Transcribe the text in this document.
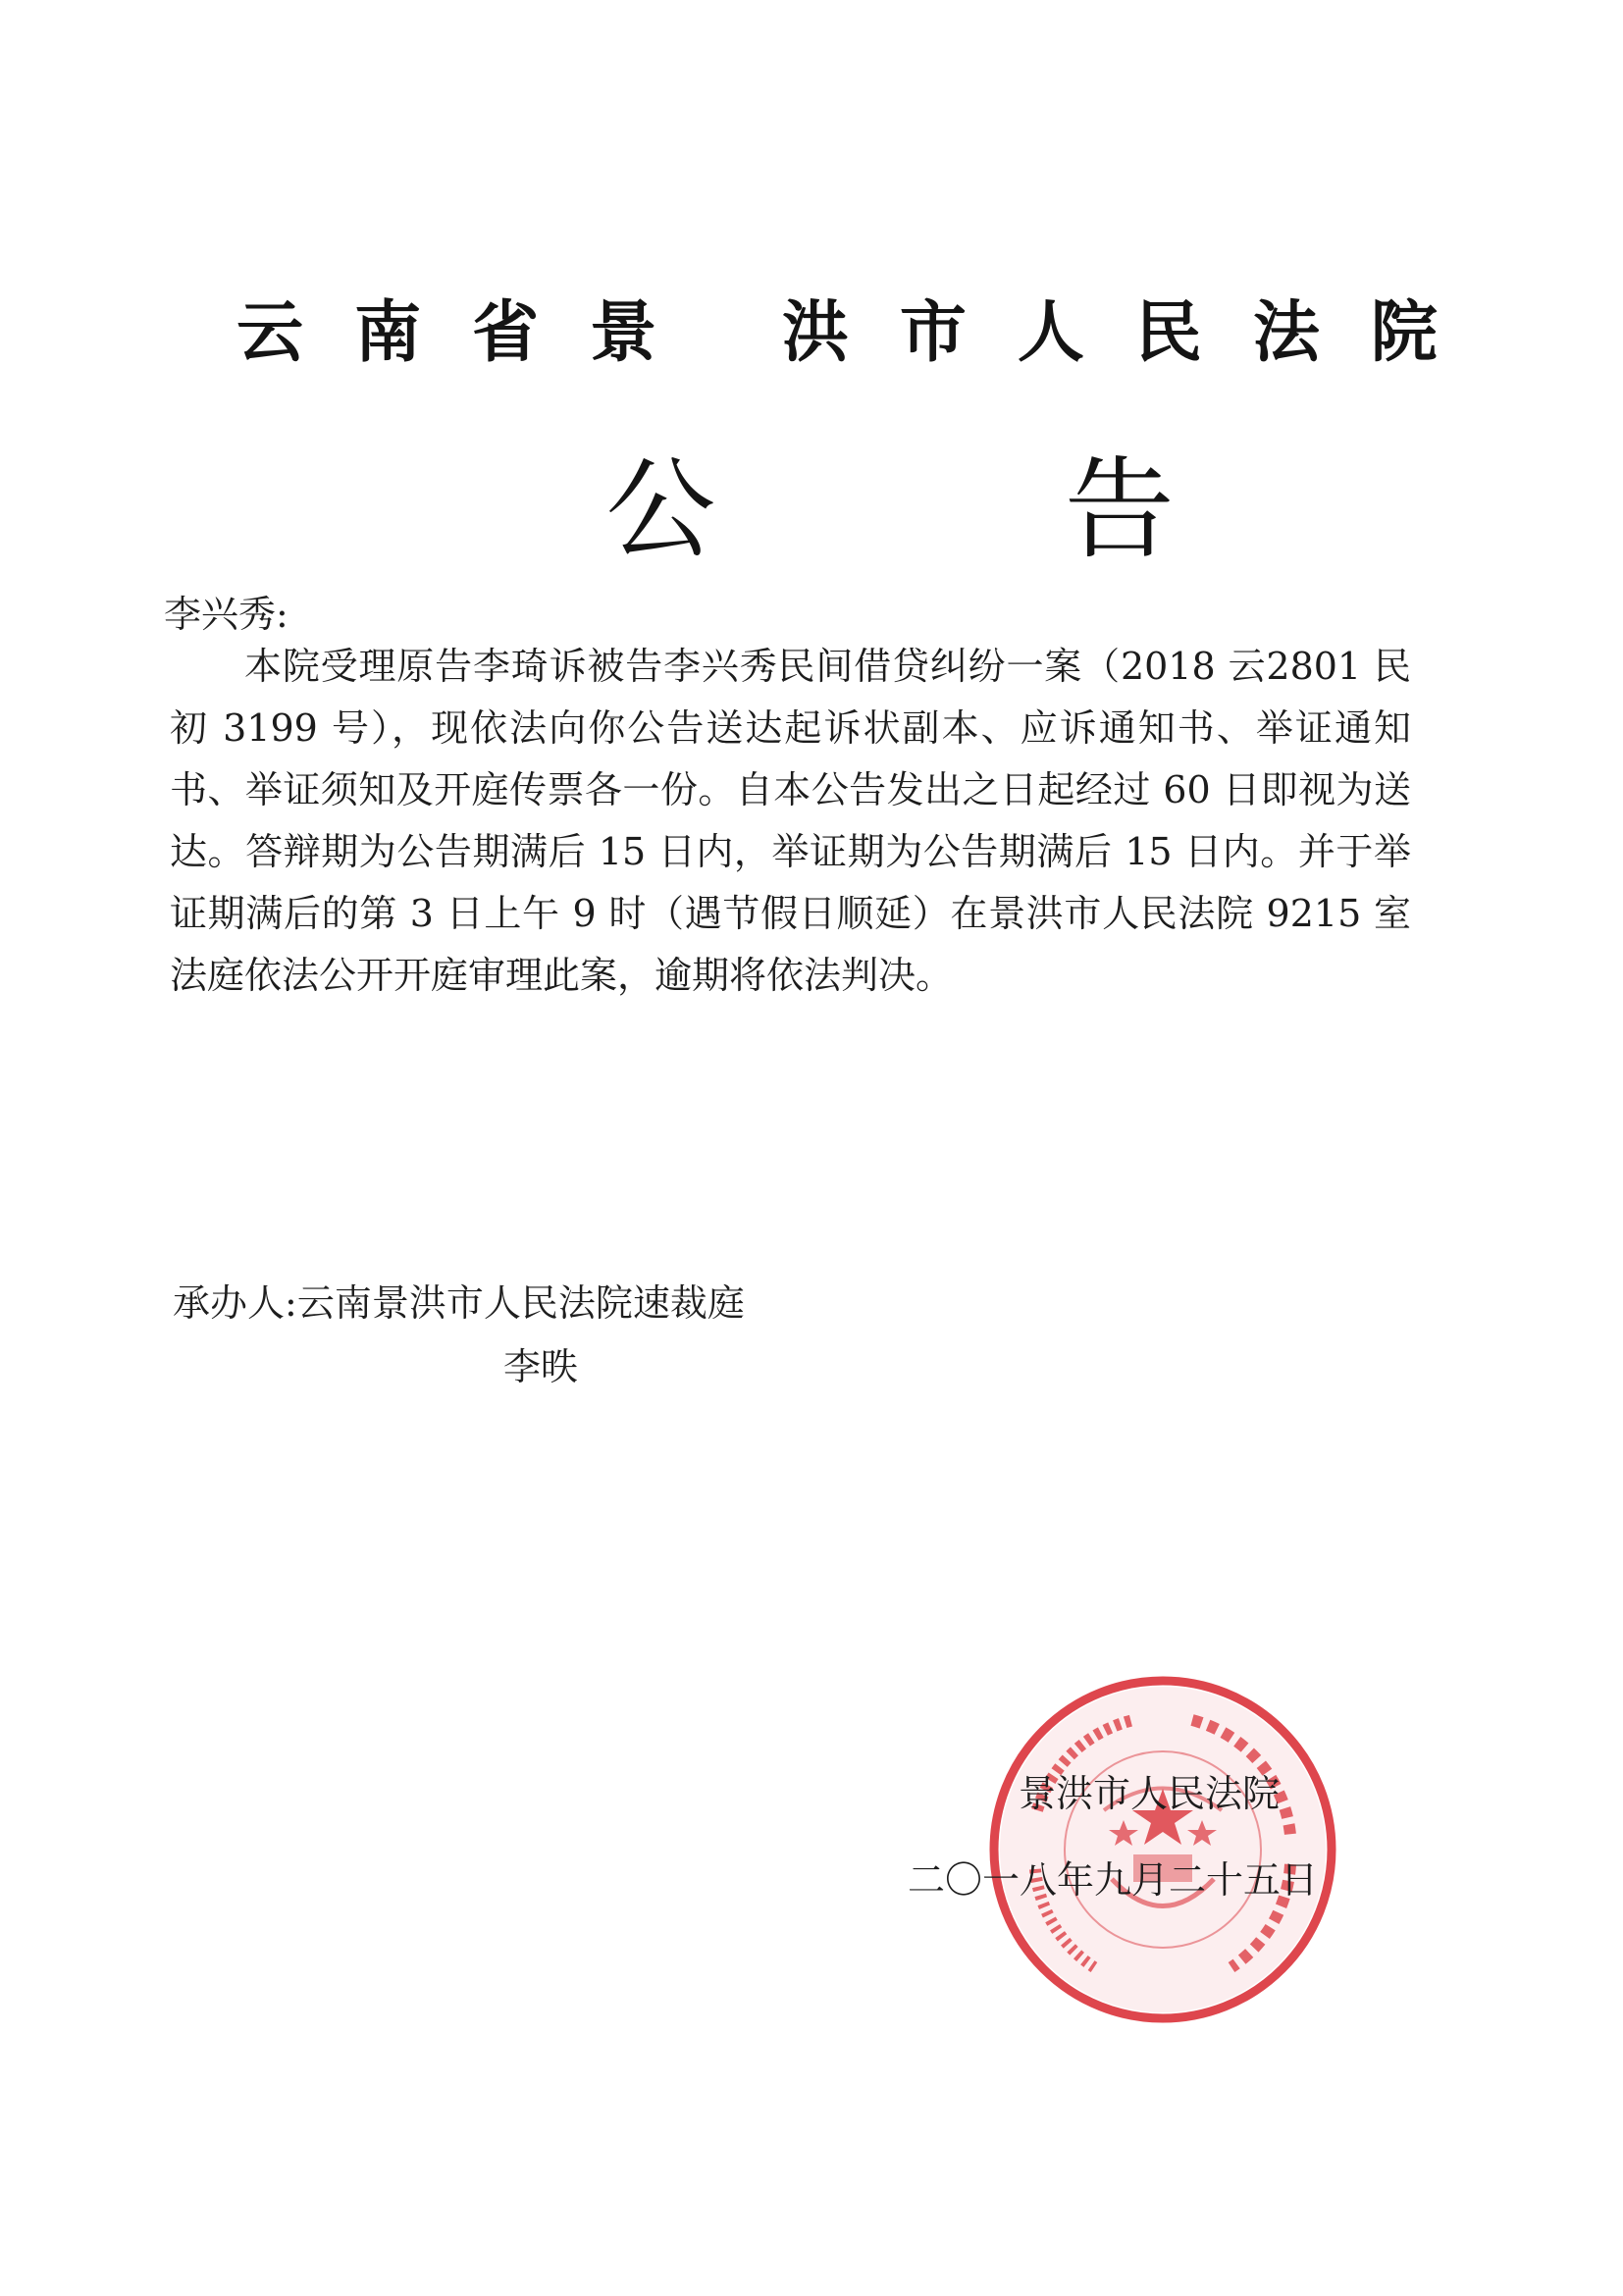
云南省景 洪市人民法院
公 告
李兴秀:

本院受理原告李琦诉被告李兴秀民间借贷纠纷一案（2018 云2801 民初 3199 号），现依法向你公告送达起诉状副本、应诉通知书、举证通知书、举证须知及开庭传票各一份。自本公告发出之日起经过 60 日即视为送达。答辩期为公告期满后 15 日内，举证期为公告期满后 15 日内。并于举证期满后的第 3 日上午 9 时（遇节假日顺延）在景洪市人民法院 9215 室法庭依法公开开庭审理此案，逾期将依法判决。

承办人:云南景洪市人民法院速裁庭
李昳
景洪市人民法院
二〇一八年九月二十五日
